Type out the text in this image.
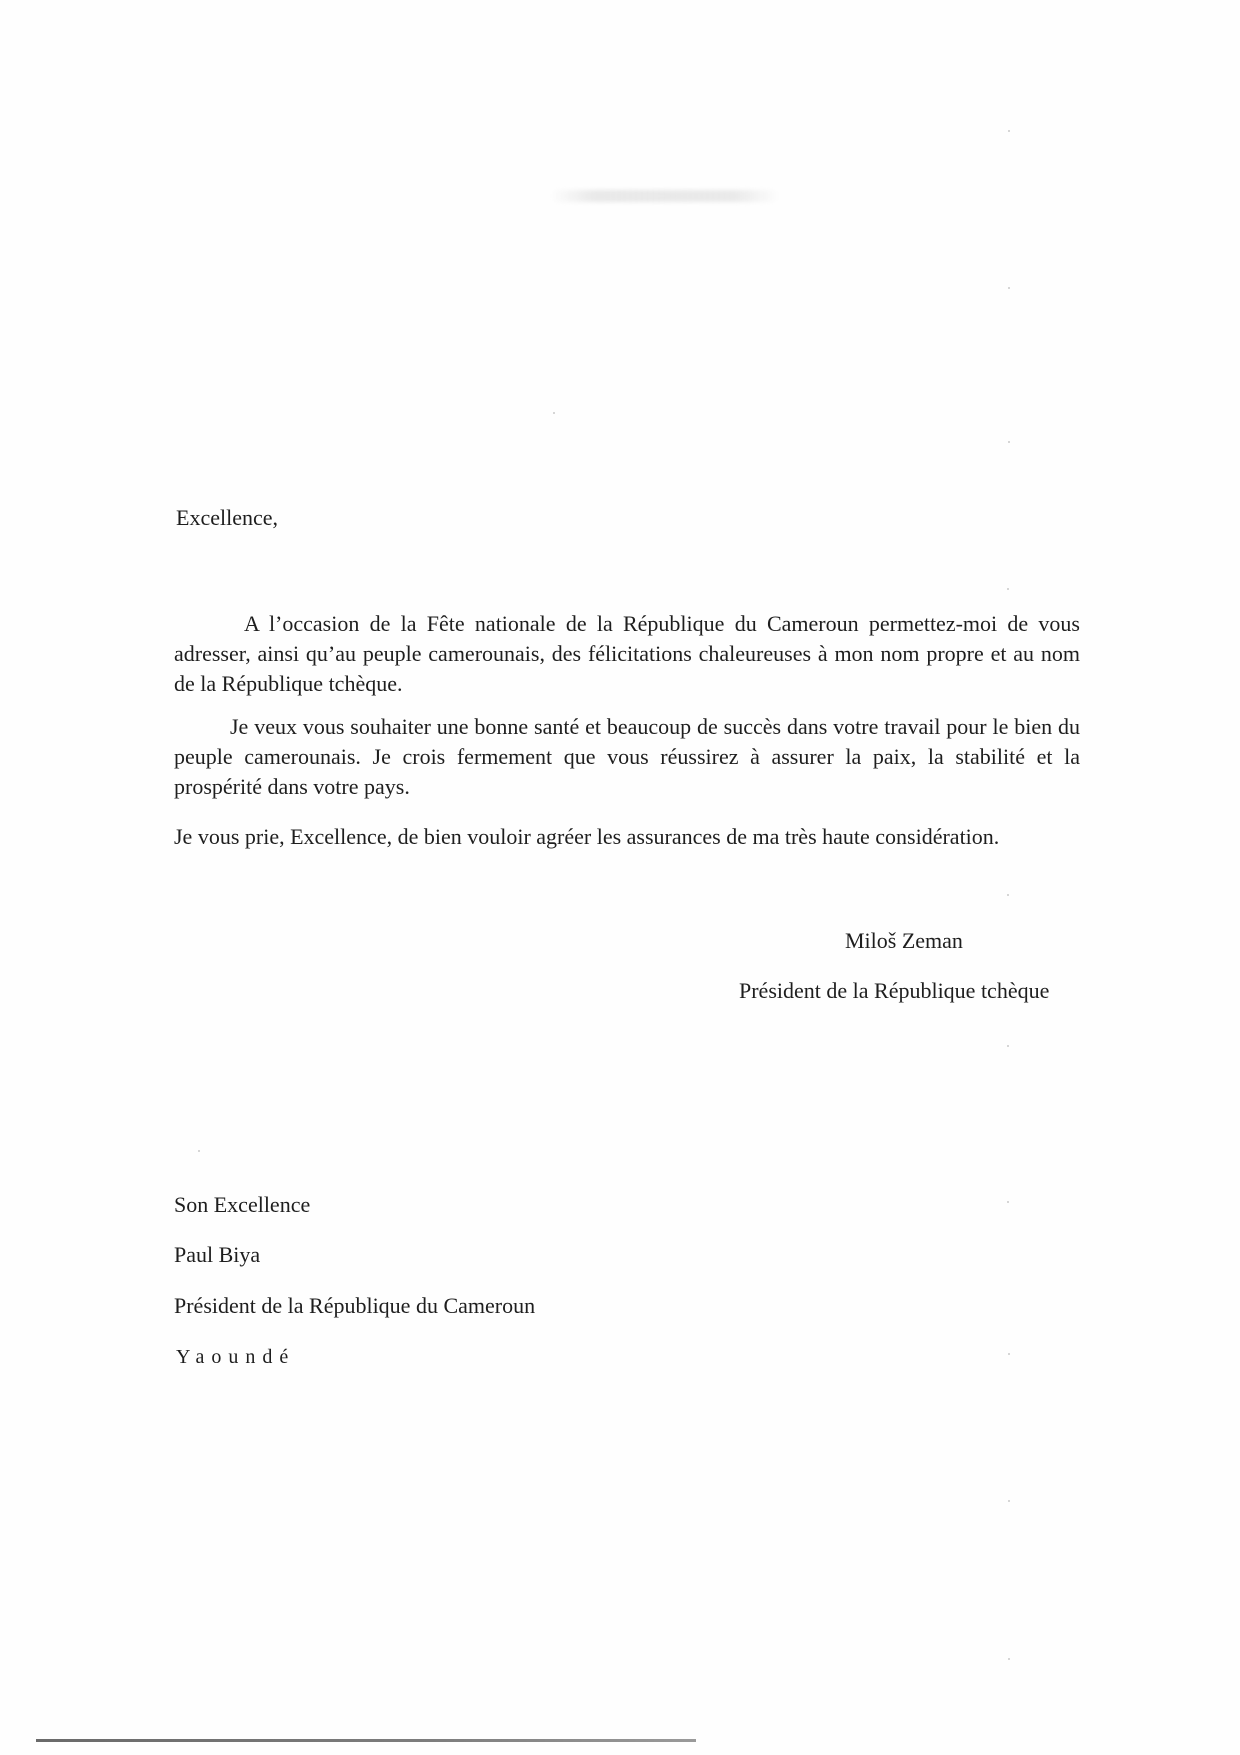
Excellence,
A l’occasion de la Fête nationale de la République du Cameroun permettez-moi de vous adresser, ainsi qu’au peuple camerounais, des félicitations chaleureuses à mon nom propre et au nom de la République tchèque.
Je veux vous souhaiter une bonne santé et beaucoup de succès dans votre travail pour le bien du peuple camerounais. Je crois fermement que vous réussirez à assurer la paix, la stabilité et la prospérité dans votre pays.
Je vous prie, Excellence, de bien vouloir agréer les assurances de ma très haute considération.
Miloš Zeman
Président de la République tchèque
Son Excellence
Paul Biya
Président de la République du Cameroun
Yaoundé
